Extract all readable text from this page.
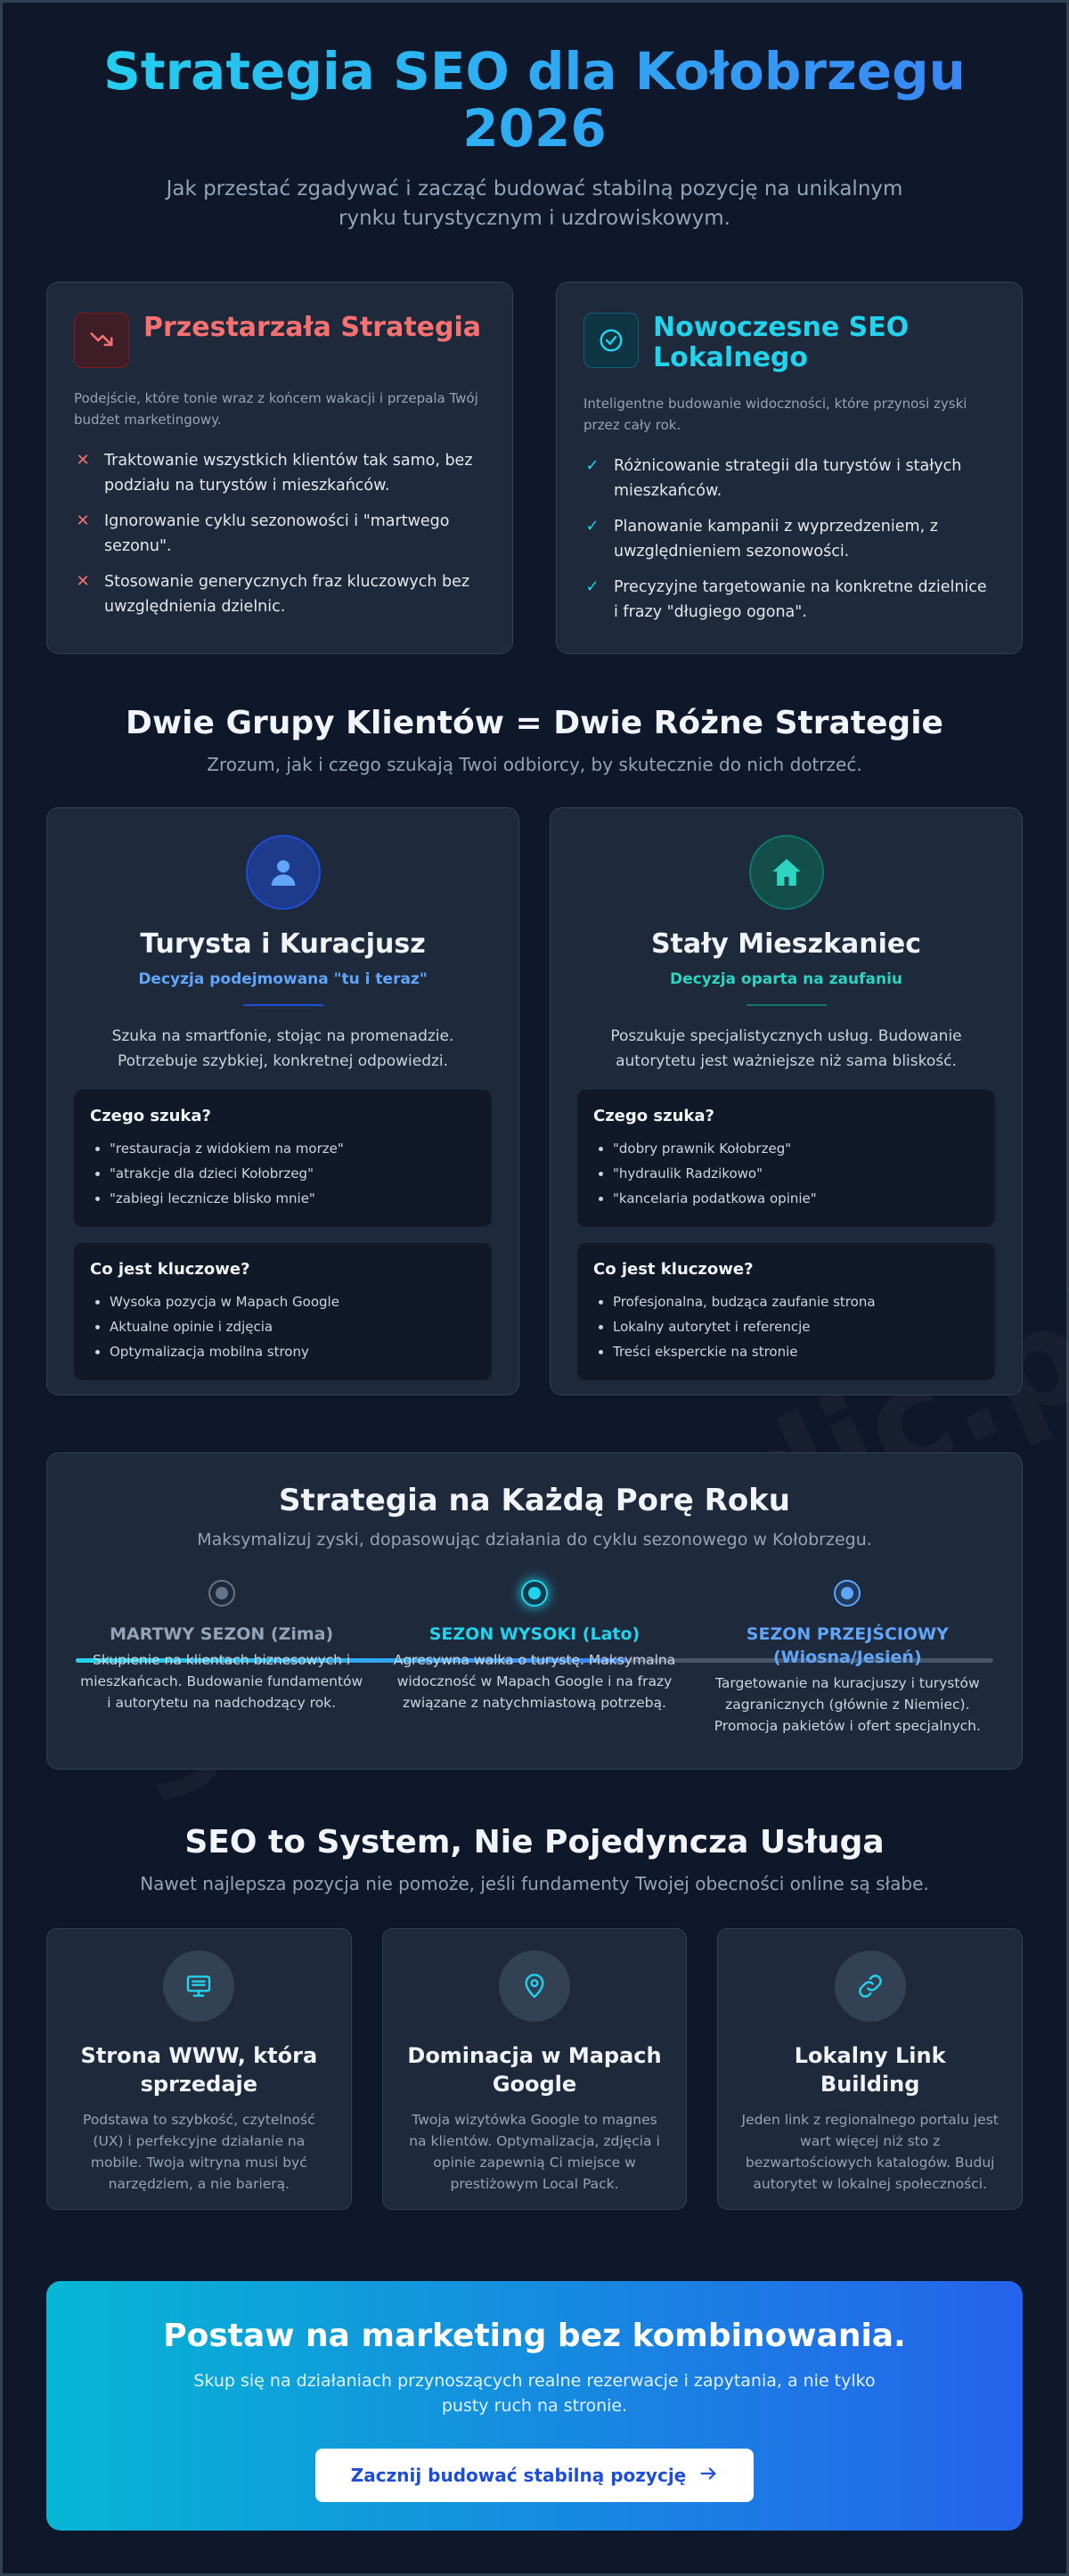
Strategia SEO dla Kołobrzegu 2026

Jak przestać zgadywać i zacząć budować stabilną pozycję na unikalnym rynku turystycznym i uzdrowiskowym.

Przestarzała Strategia

Podejście, które tonie wraz z końcem wakacji i przepala Twój budżet marketingowy.

✕ Traktowanie wszystkich klientów tak samo, bez podziału na turystów i mieszkańców.
✕ Ignorowanie cyklu sezonowości i "martwego sezonu".
✕ Stosowanie generycznych fraz kluczowych bez uwzględnienia dzielnic.
Nowoczesne SEO Lokalnego

Inteligentne budowanie widoczności, które przynosi zyski przez cały rok.

✓ Różnicowanie strategii dla turystów i stałych mieszkańców.
✓ Planowanie kampanii z wyprzedzeniem, z uwzględnieniem sezonowości.
✓ Precyzyjne targetowanie na konkretne dzielnice i frazy "długiego ogona".
Dwie Grupy Klientów = Dwie Różne Strategie

Zrozum, jak i czego szukają Twoi odbiorcy, by skutecznie do nich dotrzeć.

Turysta i Kuracjusz

Decyzja podejmowana "tu i teraz"

Szuka na smartfonie, stojąc na promenadzie. Potrzebuje szybkiej, konkretnej odpowiedzi.

Czego szuka?
• "restauracja z widokiem na morze"
• "atrakcje dla dzieci Kołobrzeg"
• "zabiegi lecznicze blisko mnie"
Co jest kluczowe?
• Wysoka pozycja w Mapach Google
• Aktualne opinie i zdjęcia
• Optymalizacja mobilna strony
Stały Mieszkaniec

Decyzja oparta na zaufaniu

Poszukuje specjalistycznych usług. Budowanie autorytetu jest ważniejsze niż sama bliskość.

Czego szuka?
• "dobry prawnik Kołobrzeg"
• "hydraulik Radzikowo"
• "kancelaria podatkowa opinie"
Co jest kluczowe?
• Profesjonalna, budząca zaufanie strona
• Lokalny autorytet i referencje
• Treści eksperckie na stronie
Strategia na Każdą Porę Roku

Maksymalizuj zyski, dopasowując działania do cyklu sezonowego w Kołobrzegu.

MARTWY SEZON (Zima)
Skupienie na klientach biznesowych i mieszkańcach. Budowanie fundamentów i autorytetu na nadchodzący rok.
SEZON WYSOKI (Lato)
Agresywna walka o turystę. Maksymalna widoczność w Mapach Google i na frazy związane z natychmiastową potrzebą.
SEZON PRZEJŚCIOWY (Wiosna/Jesień)
Targetowanie na kuracjuszy i turystów zagranicznych (głównie z Niemiec). Promocja pakietów i ofert specjalnych.
SEO to System, Nie Pojedyncza Usługa

Nawet najlepsza pozycja nie pomoże, jeśli fundamenty Twojej obecności online są słabe.

Strona WWW, która sprzedaje

Podstawa to szybkość, czytelność (UX) i perfekcyjne działanie na mobile. Twoja witryna musi być narzędziem, a nie barierą.

Dominacja w Mapach Google

Twoja wizytówka Google to magnes na klientów. Optymalizacja, zdjęcia i opinie zapewnią Ci miejsce w prestiżowym Local Pack.

Lokalny Link Building

Jeden link z regionalnego portalu jest wart więcej niż sto z bezwartościowych katalogów. Buduj autorytet w lokalnej społeczności.

Postaw na marketing bez kombinowania.

Skup się na działaniach przynoszących realne rezerwacje i zapytania, a nie tylko pusty ruch na stronie.

Zacznij budować stabilną pozycję
